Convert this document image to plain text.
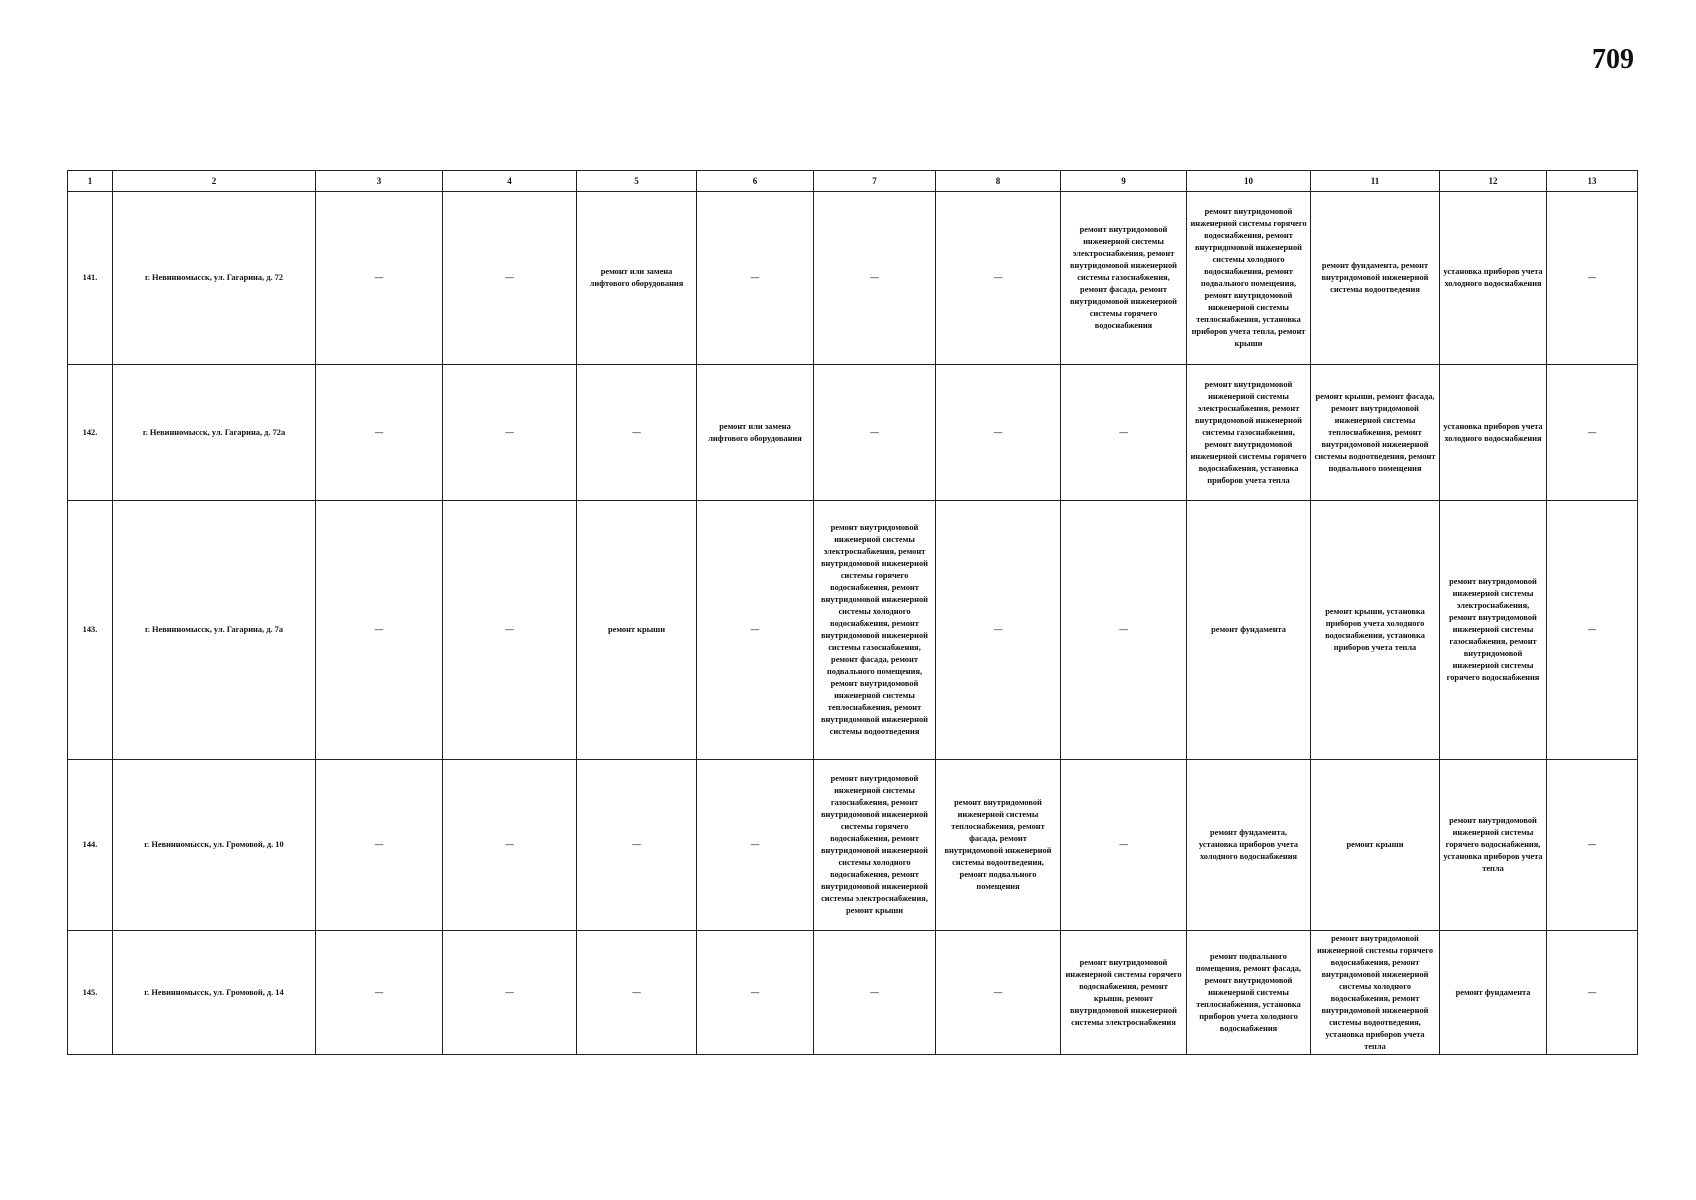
709
1	2	3	4	5	6	7	8	9	10	11	12	13
141.	г. Невинномысск, ул. Гагарина, д. 72	—	—	ремонт или замена лифтового оборудования	—	—	—	ремонт внутридомовой инженерной системы электроснабжения, ремонт внутридомовой инженерной системы газоснабжения, ремонт фасада, ремонт внутридомовой инженерной системы горячего водоснабжения	ремонт внутридомовой инженерной системы горячего водоснабжения, ремонт внутридомовой инженерной системы холодного водоснабжения, ремонт подвального помещения, ремонт внутридомовой инженерной системы теплоснабжения, установка приборов учета тепла, ремонт крыши	ремонт фундамента, ремонт внутридомовой инженерной системы водоотведения	установка приборов учета холодного водоснабжения	—
142.	г. Невинномысск, ул. Гагарина, д. 72а	—	—	—	ремонт или замена лифтового оборудования	—	—	—	ремонт внутридомовой инженерной системы электроснабжения, ремонт внутридомовой инженерной системы газоснабжения, ремонт внутридомовой инженерной системы горячего водоснабжения, установка приборов учета тепла	ремонт крыши, ремонт фасада, ремонт внутридомовой инженерной системы теплоснабжения, ремонт внутридомовой инженерной системы водоотведения, ремонт подвального помещения	установка приборов учета холодного водоснабжения	—
143.	г. Невинномысск, ул. Гагарина, д. 7а	—	—	ремонт крыши	—	ремонт внутридомовой инженерной системы электроснабжения, ремонт внутридомовой инженерной системы горячего водоснабжения, ремонт внутридомовой инженерной системы холодного водоснабжения, ремонт внутридомовой инженерной системы газоснабжения, ремонт фасада, ремонт подвального помещения, ремонт внутридомовой инженерной системы теплоснабжения, ремонт внутридомовой инженерной системы водоотведения	—	—	ремонт фундамента	ремонт крыши, установка приборов учета холодного водоснабжения, установка приборов учета тепла	ремонт внутридомовой инженерной системы электроснабжения, ремонт внутридомовой инженерной системы газоснабжения, ремонт внутридомовой инженерной системы горячего водоснабжения	—
144.	г. Невинномысск, ул. Громовой, д. 10	—	—	—	—	ремонт внутридомовой инженерной системы газоснабжения, ремонт внутридомовой инженерной системы горячего водоснабжения, ремонт внутридомовой инженерной системы холодного водоснабжения, ремонт внутридомовой инженерной системы электроснабжения, ремонт крыши	ремонт внутридомовой инженерной системы теплоснабжения, ремонт фасада, ремонт внутридомовой инженерной системы водоотведения, ремонт подвального помещения	—	ремонт фундамента, установка приборов учета холодного водоснабжения	ремонт крыши	ремонт внутридомовой инженерной системы горячего водоснабжения, установка приборов учета тепла	—
145.	г. Невинномысск, ул. Громовой, д. 14	—	—	—	—	—	—	ремонт внутридомовой инженерной системы горячего водоснабжения, ремонт крыши, ремонт внутридомовой инженерной системы электроснабжения	ремонт подвального помещения, ремонт фасада, ремонт внутридомовой инженерной системы теплоснабжения, установка приборов учета холодного водоснабжения	ремонт внутридомовой инженерной системы горячего водоснабжения, ремонт внутридомовой инженерной системы холодного водоснабжения, ремонт внутридомовой инженерной системы водоотведения, установка приборов учета тепла	ремонт фундамента	—
